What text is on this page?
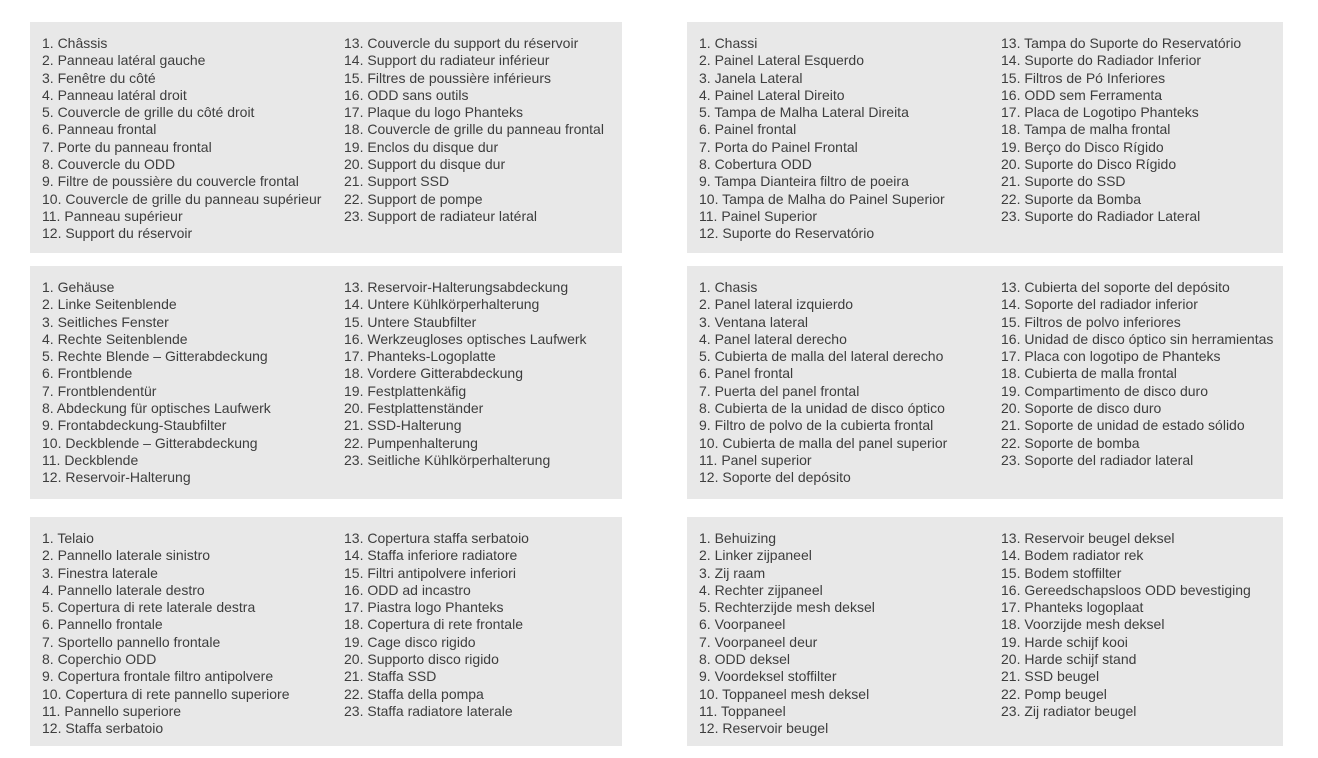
1. Châssis
2. Panneau latéral gauche
3. Fenêtre du côté
4. Panneau latéral droit
5. Couvercle de grille du côté droit
6. Panneau frontal
7. Porte du panneau frontal
8. Couvercle du ODD
9. Filtre de poussière du couvercle frontal
10. Couvercle de grille du panneau supérieur
11. Panneau supérieur
12. Support du réservoir
13. Couvercle du support du réservoir
14. Support du radiateur inférieur
15. Filtres de poussière inférieurs
16. ODD sans outils
17. Plaque du logo Phanteks
18. Couvercle de grille du panneau frontal
19. Enclos du disque dur
20. Support du disque dur
21. Support SSD
22. Support de pompe
23. Support de radiateur latéral
1. Chassi
2. Painel Lateral Esquerdo
3. Janela Lateral
4. Painel Lateral Direito
5. Tampa de Malha Lateral Direita
6. Painel frontal
7. Porta do Painel Frontal
8. Cobertura ODD
9. Tampa Dianteira filtro de poeira
10. Tampa de Malha do Painel Superior
11. Painel Superior
12. Suporte do Reservatório
13. Tampa do Suporte do Reservatório
14. Suporte do Radiador Inferior
15. Filtros de Pó Inferiores
16. ODD sem Ferramenta
17. Placa de Logotipo Phanteks
18. Tampa de malha frontal
19. Berço do Disco Rígido
20. Suporte do Disco Rígido
21. Suporte do SSD
22. Suporte da Bomba
23. Suporte do Radiador Lateral
1. Gehäuse
2. Linke Seitenblende
3. Seitliches Fenster
4. Rechte Seitenblende
5. Rechte Blende – Gitterabdeckung
6. Frontblende
7. Frontblendentür
8. Abdeckung für optisches Laufwerk
9. Frontabdeckung-Staubfilter
10. Deckblende – Gitterabdeckung
11. Deckblende
12. Reservoir-Halterung
13. Reservoir-Halterungsabdeckung
14. Untere Kühlkörperhalterung
15. Untere Staubfilter
16. Werkzeugloses optisches Laufwerk
17. Phanteks-Logoplatte
18. Vordere Gitterabdeckung
19. Festplattenkäfig
20. Festplattenständer
21. SSD-Halterung
22. Pumpenhalterung
23. Seitliche Kühlkörperhalterung
1. Chasis
2. Panel lateral izquierdo
3. Ventana lateral
4. Panel lateral derecho
5. Cubierta de malla del lateral derecho
6. Panel frontal
7. Puerta del panel frontal
8. Cubierta de la unidad de disco óptico
9. Filtro de polvo de la cubierta frontal
10. Cubierta de malla del panel superior
11. Panel superior
12. Soporte del depósito
13. Cubierta del soporte del depósito
14. Soporte del radiador inferior
15. Filtros de polvo inferiores
16. Unidad de disco óptico sin herramientas
17. Placa con logotipo de Phanteks
18. Cubierta de malla frontal
19. Compartimento de disco duro
20. Soporte de disco duro
21. Soporte de unidad de estado sólido
22. Soporte de bomba
23. Soporte del radiador lateral
1. Telaio
2. Pannello laterale sinistro
3. Finestra laterale
4. Pannello laterale destro
5. Copertura di rete laterale destra
6. Pannello frontale
7. Sportello pannello frontale
8. Coperchio ODD
9. Copertura frontale filtro antipolvere
10. Copertura di rete pannello superiore
11. Pannello superiore
12. Staffa serbatoio
13. Copertura staffa serbatoio
14. Staffa inferiore radiatore
15. Filtri antipolvere inferiori
16. ODD ad incastro
17. Piastra logo Phanteks
18. Copertura di rete frontale
19. Cage disco rigido
20. Supporto disco rigido
21. Staffa SSD
22. Staffa della pompa
23. Staffa radiatore laterale
1. Behuizing
2. Linker zijpaneel
3. Zij raam
4. Rechter zijpaneel
5. Rechterzijde mesh deksel
6. Voorpaneel
7. Voorpaneel deur
8. ODD deksel
9. Voordeksel stoffilter
10. Toppaneel mesh deksel
11. Toppaneel
12. Reservoir beugel
13. Reservoir beugel deksel
14. Bodem radiator rek
15. Bodem stoffilter
16. Gereedschapsloos ODD bevestiging
17. Phanteks logoplaat
18. Voorzijde mesh deksel
19. Harde schijf kooi
20. Harde schijf stand
21. SSD beugel
22. Pomp beugel
23. Zij radiator beugel
